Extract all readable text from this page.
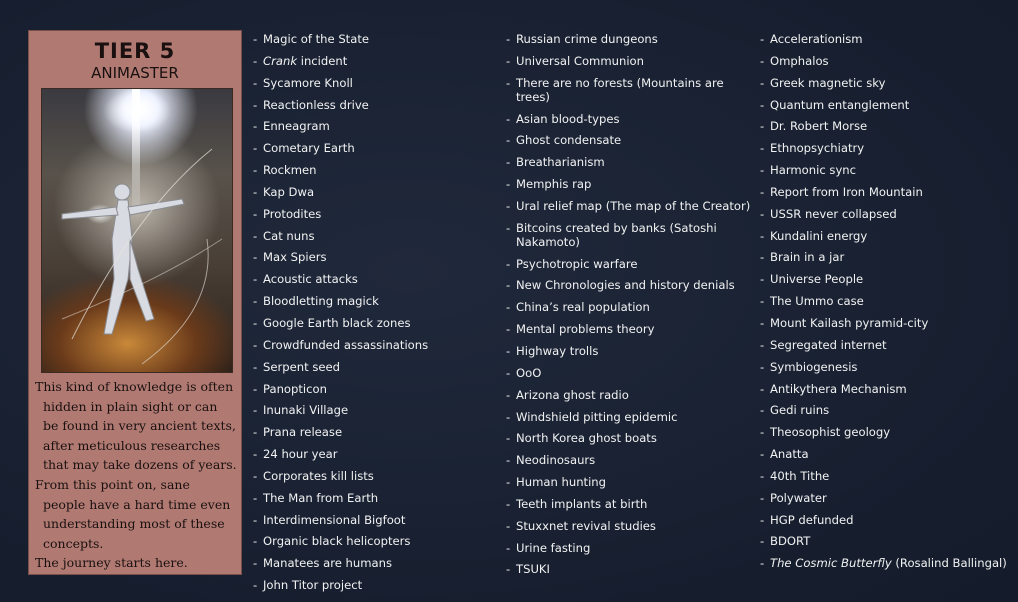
TIER 5
ANIMASTER

This kind of knowledge is often

hidden in plain sight or can

be found in very ancient texts,

after meticulous researches

that may take dozens of years.

From this point on, sane

people have a hard time even

understanding most of these

concepts.

The journey starts here.

- Magic of the State
- Crank incident
- Sycamore Knoll
- Reactionless drive
- Enneagram
- Cometary Earth
- Rockmen
- Kap Dwa
- Protodites
- Cat nuns
- Max Spiers
- Acoustic attacks
- Bloodletting magick
- Google Earth black zones
- Crowdfunded assassinations
- Serpent seed
- Panopticon
- Inunaki Village
- Prana release
- 24 hour year
- Corporates kill lists
- The Man from Earth
- Interdimensional Bigfoot
- Organic black helicopters
- Manatees are humans
- John Titor project
- Russian crime dungeons
- Universal Communion
- There are no forests (Mountains are trees)
- Asian blood-types
- Ghost condensate
- Breatharianism
- Memphis rap
- Ural relief map (The map of the Creator)
- Bitcoins created by banks (Satoshi Nakamoto)
- Psychotropic warfare
- New Chronologies and history denials
- China’s real population
- Mental problems theory
- Highway trolls
- OoO
- Arizona ghost radio
- Windshield pitting epidemic
- North Korea ghost boats
- Neodinosaurs
- Human hunting
- Teeth implants at birth
- Stuxxnet revival studies
- Urine fasting
- TSUKI
- Accelerationism
- Omphalos
- Greek magnetic sky
- Quantum entanglement
- Dr. Robert Morse
- Ethnopsychiatry
- Harmonic sync
- Report from Iron Mountain
- USSR never collapsed
- Kundalini energy
- Brain in a jar
- Universe People
- The Ummo case
- Mount Kailash pyramid-city
- Segregated internet
- Symbiogenesis
- Antikythera Mechanism
- Gedi ruins
- Theosophist geology
- Anatta
- 40th Tithe
- Polywater
- HGP defunded
- BDORT
- The Cosmic Butterfly (Rosalind Ballingal)
